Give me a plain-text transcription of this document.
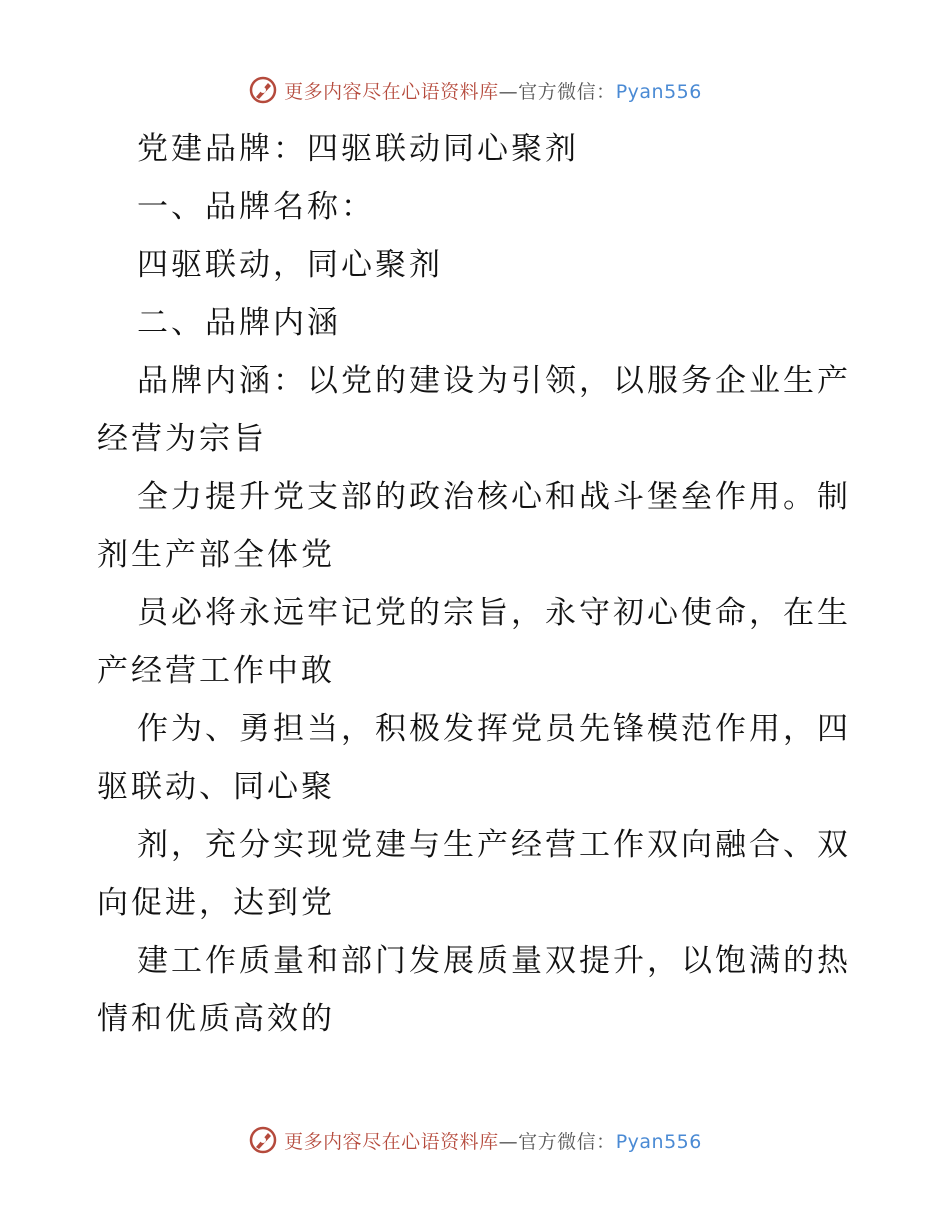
更多内容尽在心语资料库—官方微信：Pyan556
党建品牌：四驱联动同心聚剂
一、品牌名称：
四驱联动，同心聚剂
二、品牌内涵
品牌内涵：以党的建设为引领，以服务企业生产
经营为宗旨
全力提升党支部的政治核心和战斗堡垒作用。制
剂生产部全体党
员必将永远牢记党的宗旨，永守初心使命，在生
产经营工作中敢
作为、勇担当，积极发挥党员先锋模范作用，四
驱联动、同心聚
剂，充分实现党建与生产经营工作双向融合、双
向促进，达到党
建工作质量和部门发展质量双提升，以饱满的热
情和优质高效的
更多内容尽在心语资料库—官方微信：Pyan556
